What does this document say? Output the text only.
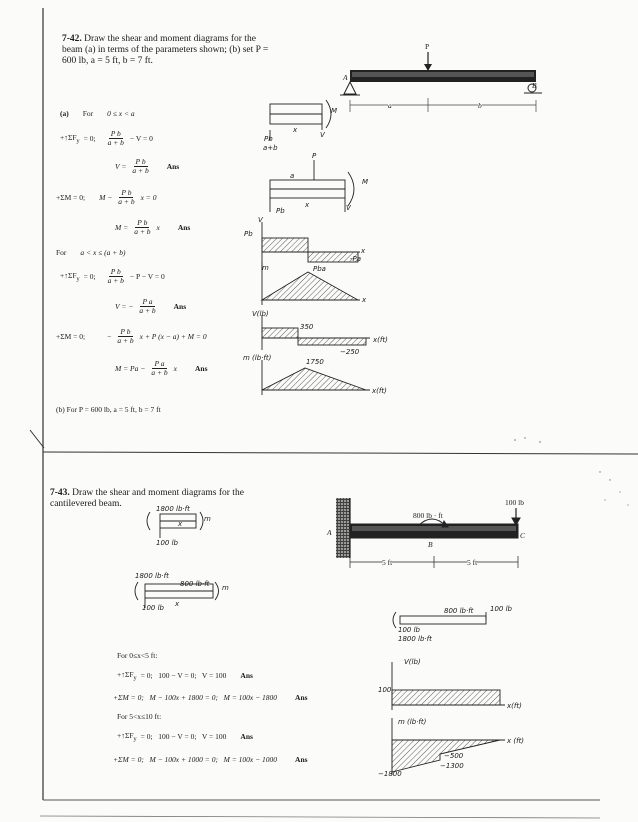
7-42. Draw the shear and moment diagrams for the
beam (a) in terms of the parameters shown; (b) set P =
600 lb, a = 5 ft, b = 7 ft.
P
A
B
a	b
(a) For 0 ≤ x < a
$+↑\Sigma F_y = 0$; $\frac{\text{P b}}{a + b} - V = 0$
$V = \frac{\text{P b}}{a + b}$ Ans
+ΣM = 0; $M - \frac{\text{P b}}{a + b}$ x = 0
$M = \frac{\text{P b}}{a + b}$ x Ans
For a < x ≤ (a + b)
$+↑\Sigma F_y = 0$; $\frac{\text{P b}}{a + b} - P - V = 0$
V = − $\frac{\text{P a}}{a + b}$ Ans
+ΣM = 0;	− $\frac{\text{P b}}{a + b}$ x + P (x − a) + M = 0
$M = Pa - \frac{\text{P a}}{a + b}$ x Ans
(b) For P = 600 lb, a = 5 ft, b = 7 ft
M
x
V
Pb
a+b
P
a
M
x	V
V
Pb
Pb
x
-Pa
m	Pba
x
V(lb)
350
x(ft)
−250
m (lb·ft)	1750
x(ft)
7-43. Draw the shear and moment diagrams for the
cantilevered beam.	100 lb
800 lb · ft
A
B
C
5 ft	5 ft
1800 lb·ft
x
m
100 lb
1800 lb·ft
800 lb·ft m
100 lb x
800 lb·ft 100 lb
100 lb
1800 lb·ft
V(lb)
100
x(ft)
m (lb·ft)
x (ft)
−500
−1300
−1800
For 0≤x<5 ft:
$+↑\Sigma F_y = 0$;   100 − V = 0;   V = 100 Ans
+ΣM = 0;   M − 100x + 1800 = 0;   M = 100x − 1800 Ans
For 5<x≤10 ft:
$+↑\Sigma F_y = 0$;   100 − V = 0;   V = 100 Ans
+ΣM = 0;   M − 100x + 1000 = 0;   M = 100x − 1000 Ans
